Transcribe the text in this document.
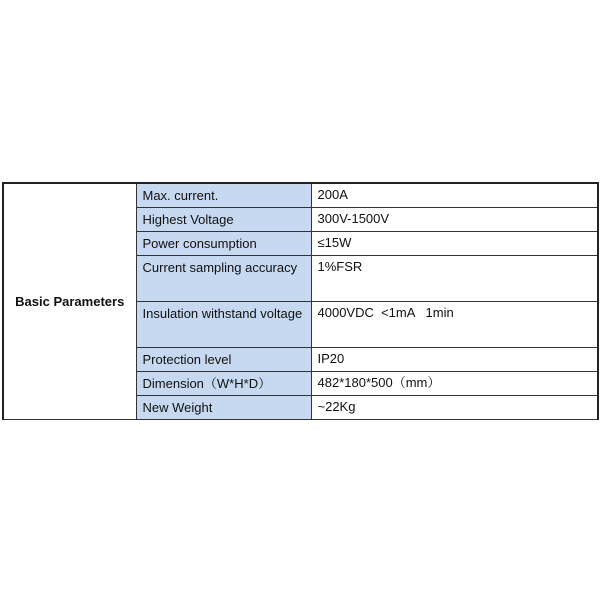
Basic Parameters	Max. current.	200A
	Highest Voltage	300V-1500V
	Power consumption	≤15W
	Current sampling accuracy	1%FSR
	Insulation withstand voltage	4000VDC  <1mA   1min
	Protection level	IP20
	Dimension（W*H*D）	482*180*500（mm）
	New Weight	~22Kg
